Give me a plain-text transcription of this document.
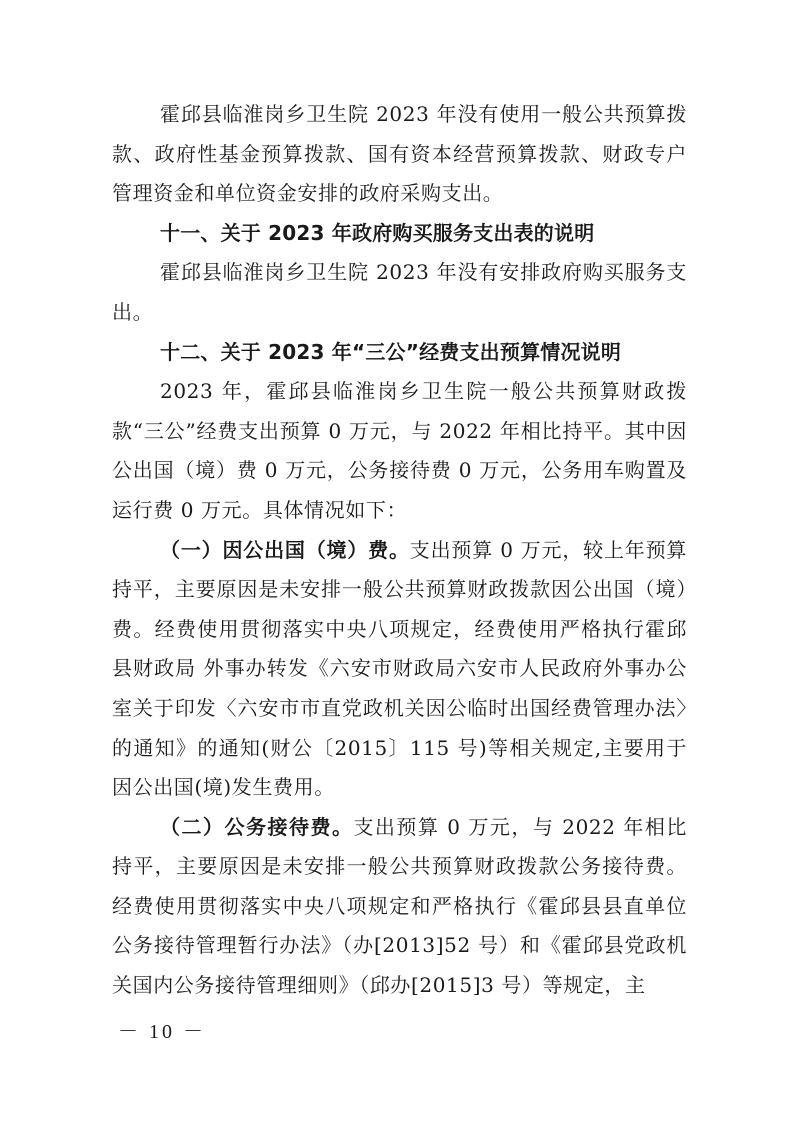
霍邱县临淮岗乡卫生院 2023 年没有使用一般公共预算拨款、政府性基金预算拨款、国有资本经营预算拨款、财政专户管理资金和单位资金安排的政府采购支出。

十一、关于 2023 年政府购买服务支出表的说明

霍邱县临淮岗乡卫生院 2023 年没有安排政府购买服务支出。

十二、关于 2023 年“三公”经费支出预算情况说明

2023 年，霍邱县临淮岗乡卫生院一般公共预算财政拨款“三公”经费支出预算 0 万元，与 2022 年相比持平。其中因公出国（境）费 0 万元，公务接待费 0 万元，公务用车购置及运行费 0 万元。具体情况如下：

（一）因公出国（境）费。支出预算 0 万元，较上年预算持平，主要原因是未安排一般公共预算财政拨款因公出国（境）费。经费使用贯彻落实中央八项规定，经费使用严格执行霍邱县财政局 外事办转发《六安市财政局六安市人民政府外事办公室关于印发〈六安市市直党政机关因公临时出国经费管理办法〉的通知》的通知(财公〔2015〕115 号)等相关规定,主要用于因公出国(境)发生费用。

（二）公务接待费。支出预算 0 万元，与 2022 年相比持平，主要原因是未安排一般公共预算财政拨款公务接待费。经费使用贯彻落实中央八项规定和严格执行《霍邱县县直单位公务接待管理暂行办法》（办[2013]52 号）和《霍邱县党政机关国内公务接待管理细则》（邱办[2015]3 号）等规定，主

－ 10 －
